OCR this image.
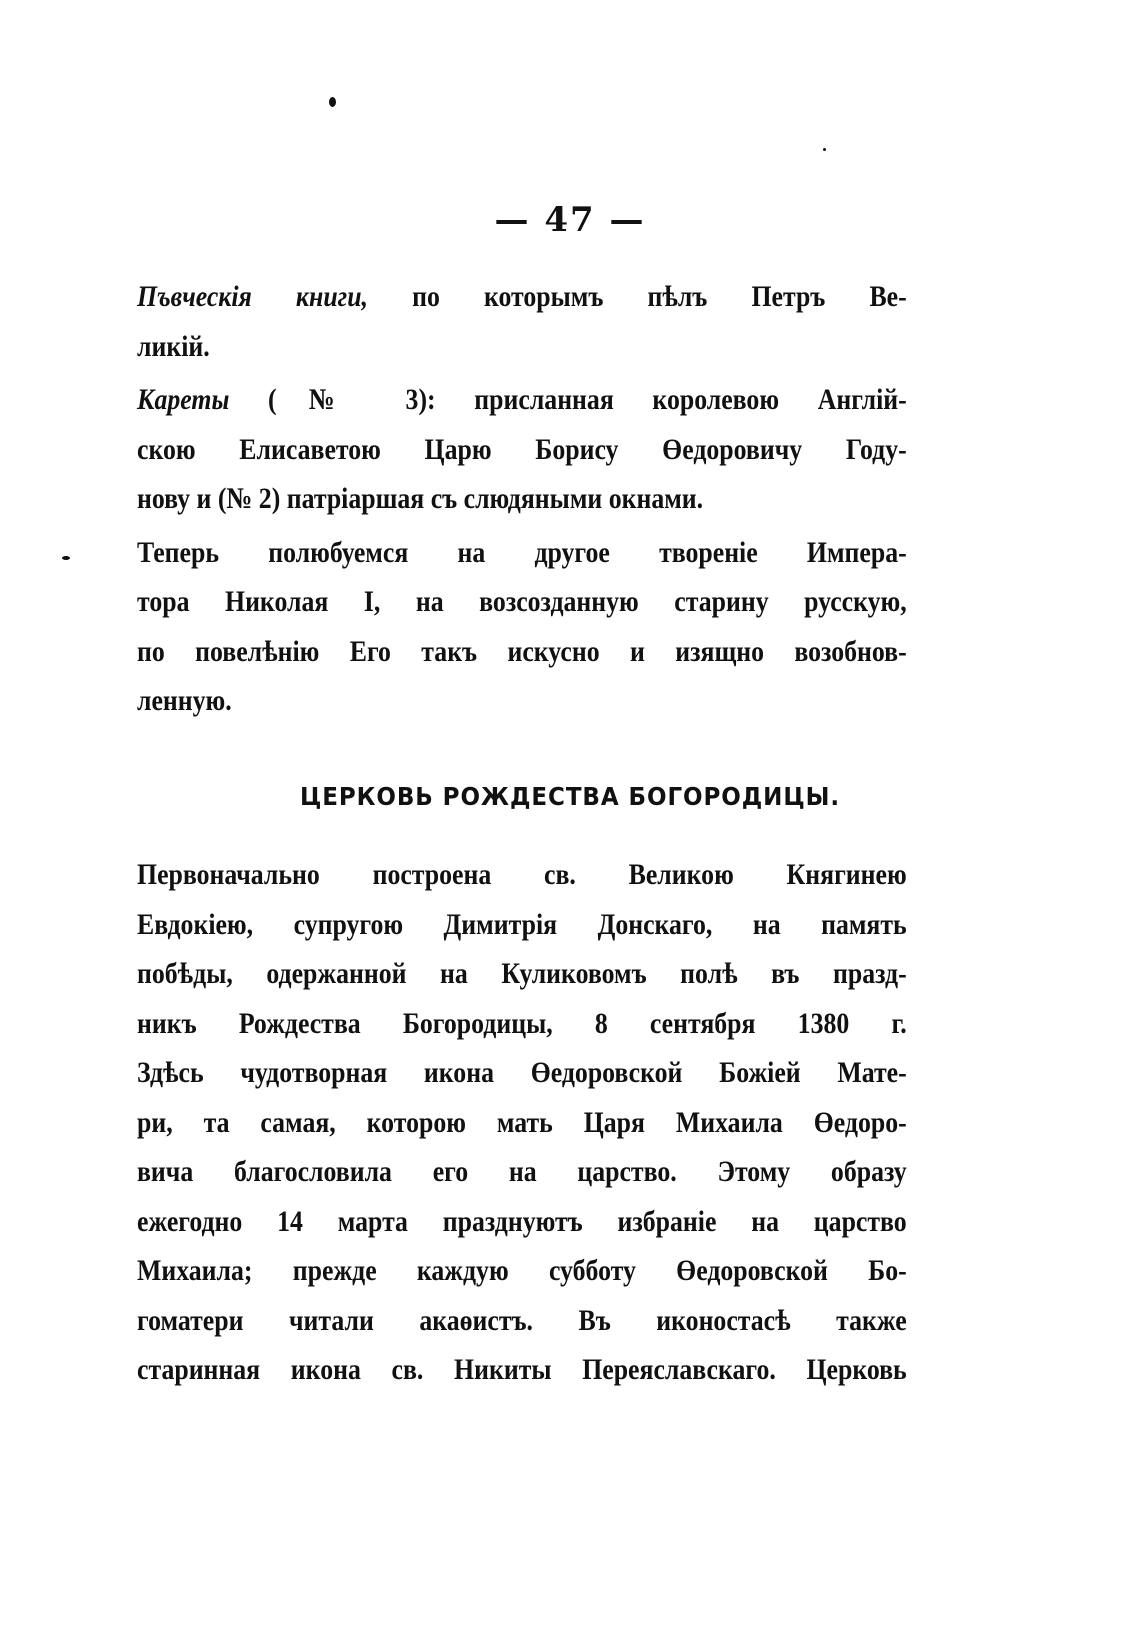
— 47 —
Пъвческія книги, по которымъ пѣлъ Петръ Ве-
ликій.
Кареты (№ 3): присланная королевою Англій-
скою Елисаветою Царю Борису Өедоровичу Году-
нову и (№ 2) патріаршая съ слюдяными окнами.
Теперь полюбуемся на другое твореніе Импера-
тора Николая I, на возсозданную старину русскую,
по повелѣнію Его такъ искусно и изящно возобнов-
ленную.
ЦЕРКОВЬ РОЖДЕСТВА БОГОРОДИЦЫ.
Первоначально построена св. Великою Княгинею
Евдокіею, супругою Димитрія Донскаго, на память
побѣды, одержанной на Куликовомъ полѣ въ празд-
никъ Рождества Богородицы, 8 сентября 1380 г.
Здѣсь чудотворная икона Өедоровской Божіей Мате-
ри, та самая, которою мать Царя Михаила Өедоро-
вича благословила его на царство. Этому образу
ежегодно 14 марта празднуютъ избраніе на царство
Михаила; прежде каждую субботу Өедоровской Бо-
гоматери читали акаөистъ. Въ иконостасѣ также
старинная икона св. Никиты Переяславскаго. Церковь
